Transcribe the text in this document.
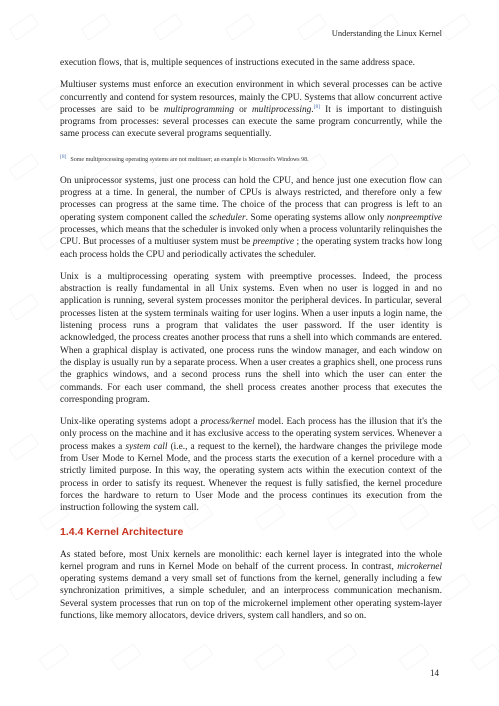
Understanding the Linux Kernel

execution flows, that is, multiple sequences of instructions executed in the same address space.

Multiuser systems must enforce an execution environment in which several processes can be active concurrently and contend for system resources, mainly the CPU. Systems that allow concurrent active processes are said to be multiprogramming or multiprocessing.[8] It is important to distinguish programs from processes: several processes can execute the same program concurrently, while the same process can execute several programs sequentially.

[8] Some multiprocessing operating systems are not multiuser; an example is Microsoft's Windows 98.

On uniprocessor systems, just one process can hold the CPU, and hence just one execution flow can progress at a time. In general, the number of CPUs is always restricted, and therefore only a few processes can progress at the same time. The choice of the process that can progress is left to an operating system component called the scheduler. Some operating systems allow only nonpreemptive processes, which means that the scheduler is invoked only when a process voluntarily relinquishes the CPU. But processes of a multiuser system must be preemptive ; the operating system tracks how long each process holds the CPU and periodically activates the scheduler.

Unix is a multiprocessing operating system with preemptive processes. Indeed, the process abstraction is really fundamental in all Unix systems. Even when no user is logged in and no application is running, several system processes monitor the peripheral devices. In particular, several processes listen at the system terminals waiting for user logins. When a user inputs a login name, the listening process runs a program that validates the user password. If the user identity is acknowledged, the process creates another process that runs a shell into which commands are entered. When a graphical display is activated, one process runs the window manager, and each window on the display is usually run by a separate process. When a user creates a graphics shell, one process runs the graphics windows, and a second process runs the shell into which the user can enter the commands. For each user command, the shell process creates another process that executes the corresponding program.

Unix-like operating systems adopt a process/kernel model. Each process has the illusion that it's the only process on the machine and it has exclusive access to the operating system services. Whenever a process makes a system call (i.e., a request to the kernel), the hardware changes the privilege mode from User Mode to Kernel Mode, and the process starts the execution of a kernel procedure with a strictly limited purpose. In this way, the operating system acts within the execution context of the process in order to satisfy its request. Whenever the request is fully satisfied, the kernel procedure forces the hardware to return to User Mode and the process continues its execution from the instruction following the system call.

1.4.4 Kernel Architecture

As stated before, most Unix kernels are monolithic: each kernel layer is integrated into the whole kernel program and runs in Kernel Mode on behalf of the current process. In contrast, microkernel operating systems demand a very small set of functions from the kernel, generally including a few synchronization primitives, a simple scheduler, and an interprocess communication mechanism. Several system processes that run on top of the microkernel implement other operating system-layer functions, like memory allocators, device drivers, system call handlers, and so on.

14
